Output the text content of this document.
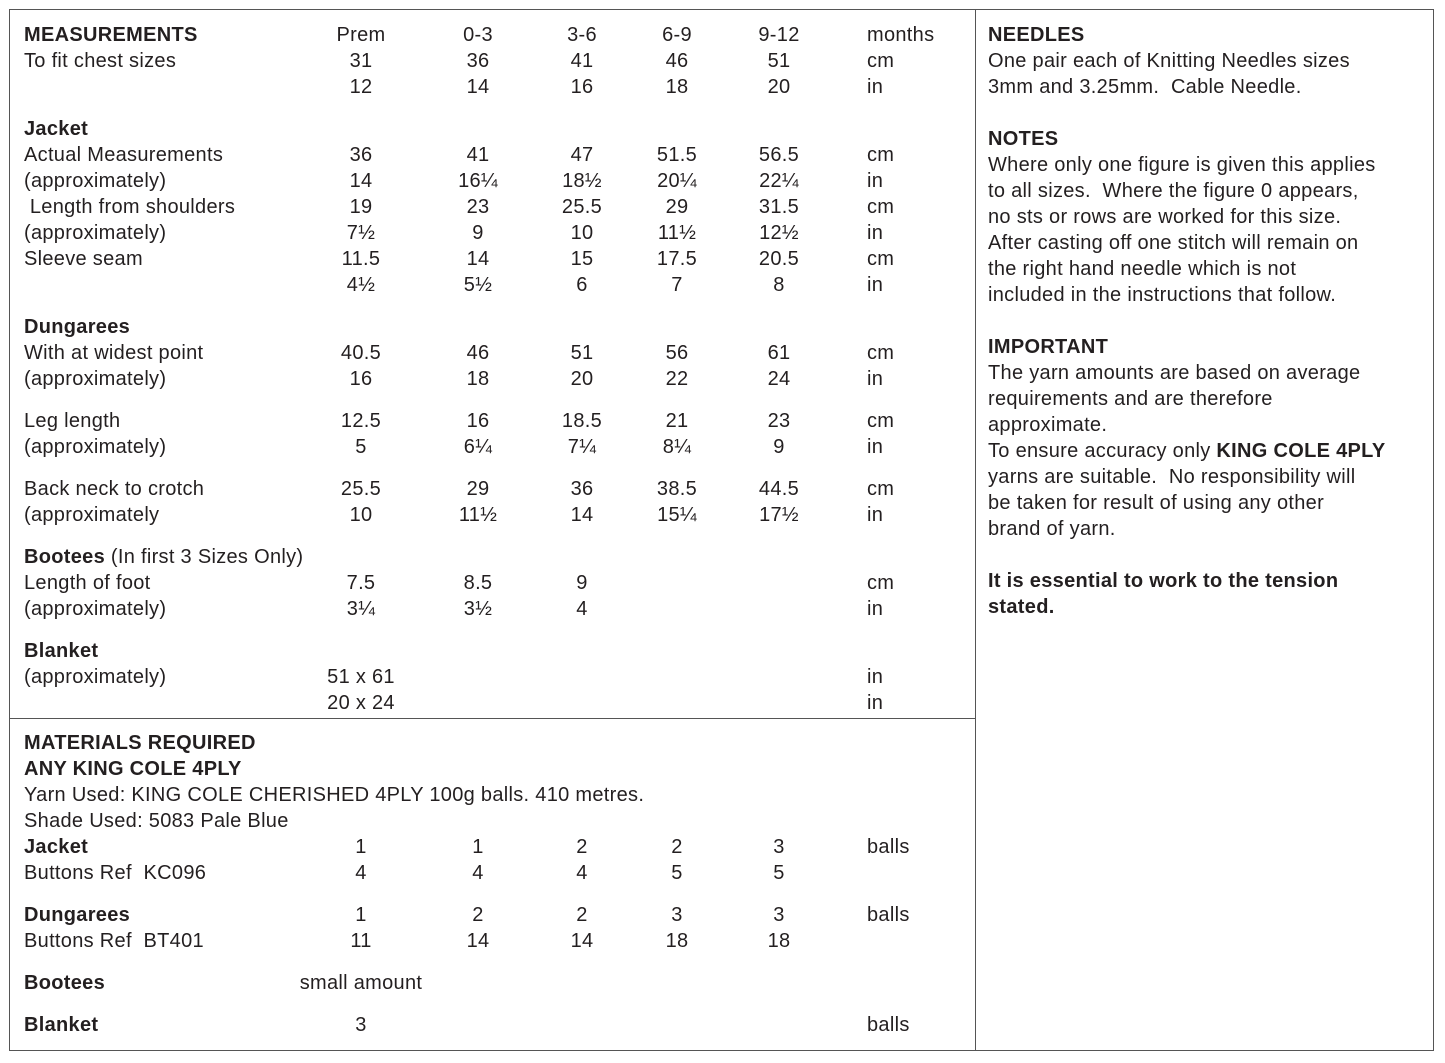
MEASUREMENTS	Prem	0-3	3-6	6-9	9-12	months
To fit chest sizes	31	36	41	46	51	cm
12	14	16	18	20	in
Jacket
Actual Measurements	36	41	47	51.5	56.5	cm
(approximately)	14	16¼	18½	20¼	22¼	in
Length from shoulders	19	23	25.5	29	31.5	cm
(approximately)	7½	9	10	11½	12½	in
Sleeve seam	11.5	14	15	17.5	20.5	cm
4½	5½	6	7	8	in
Dungarees
With at widest point	40.5	46	51	56	61	cm
(approximately)	16	18	20	22	24	in
Leg length	12.5	16	18.5	21	23	cm
(approximately)	5	6¼	7¼	8¼	9	in
Back neck to crotch	25.5	29	36	38.5	44.5	cm
(approximately	10	11½	14	15¼	17½	in
Bootees (In first 3 Sizes Only)
Length of foot	7.5	8.5	9	cm
(approximately)	3¼	3½	4	in
Blanket
(approximately)	51 x 61	in
20 x 24	in
MATERIALS REQUIRED
ANY KING COLE 4PLY
Yarn Used: KING COLE CHERISHED 4PLY 100g balls. 410 metres.
Shade Used: 5083 Pale Blue
Jacket	1	1	2	2	3	balls
Buttons Ref  KC096	4	4	4	5	5
Dungarees	1	2	2	3	3	balls
Buttons Ref  BT401	11	14	14	18	18
Bootees	small amount
Blanket	3	balls
NEEDLES
One pair each of Knitting Needles sizes
3mm and 3.25mm.  Cable Needle.
NOTES
Where only one figure is given this applies
to all sizes.  Where the figure 0 appears,
no sts or rows are worked for this size.
After casting off one stitch will remain on
the right hand needle which is not
included in the instructions that follow.
IMPORTANT
The yarn amounts are based on average
requirements and are therefore
approximate.
To ensure accuracy only KING COLE 4PLY
yarns are suitable.  No responsibility will
be taken for result of using any other
brand of yarn.
It is essential to work to the tension
stated.
